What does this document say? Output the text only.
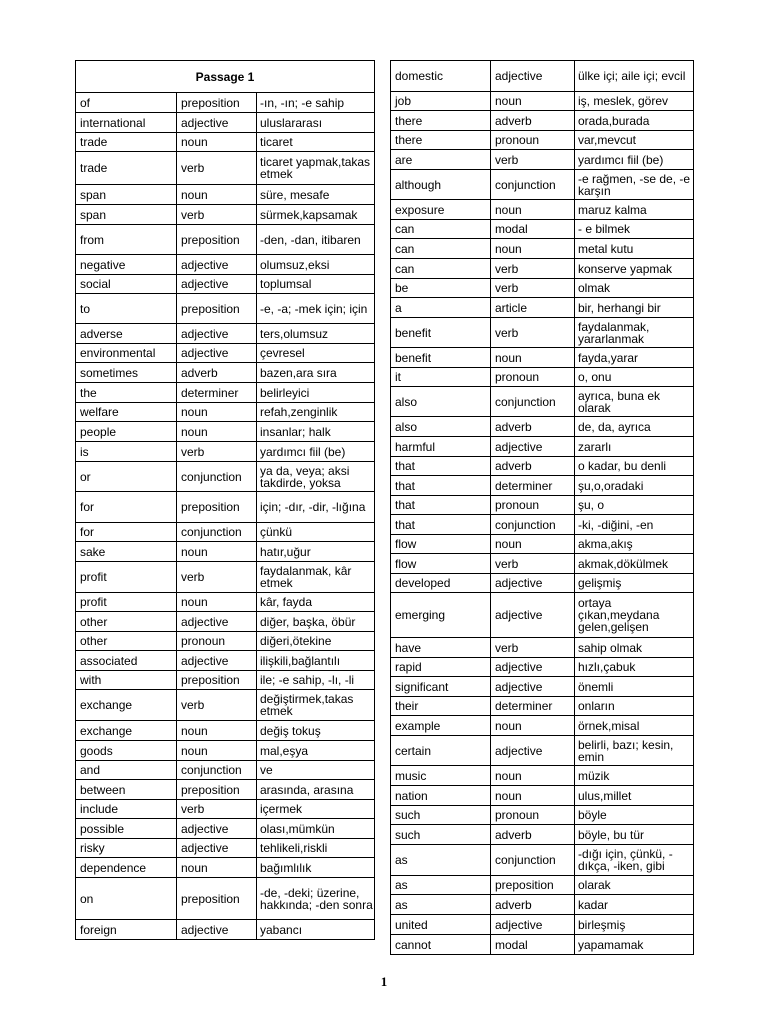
Passage 1		
of	preposition	-ın, -ın; -e sahip
international	adjective	uluslararası
trade	noun	ticaret
trade	verb	ticaret yapmak,takas etmek
span	noun	süre, mesafe
span	verb	sürmek,kapsamak
from	preposition	-den, -dan, itibaren
negative	adjective	olumsuz,eksi
social	adjective	toplumsal
to	preposition	-e, -a; -mek için; için
adverse	adjective	ters,olumsuz
environmental	adjective	çevresel
sometimes	adverb	bazen,ara sıra
the	determiner	belirleyici
welfare	noun	refah,zenginlik
people	noun	insanlar; halk
is	verb	yardımcı fiil (be)
or	conjunction	ya da, veya; aksi takdirde, yoksa
for	preposition	için; -dır, -dir, -lığına
for	conjunction	çünkü
sake	noun	hatır,uğur
profit	verb	faydalanmak, kâr etmek
profit	noun	kâr, fayda
other	adjective	diğer, başka, öbür
other	pronoun	diğeri,ötekine
associated	adjective	ilişkili,bağlantılı
with	preposition	ile; -e sahip, -lı, -li
exchange	verb	değiştirmek,takas etmek
exchange	noun	değiş tokuş
goods	noun	mal,eşya
and	conjunction	ve
between	preposition	arasında, arasına
include	verb	içermek
possible	adjective	olası,mümkün
risky	adjective	tehlikeli,riskli
dependence	noun	bağımlılık
on	preposition	-de, -deki; üzerine, hakkında; -den sonra
foreign	adjective	yabancı
domestic	adjective	ülke içi; aile içi; evcil
job	noun	iş, meslek, görev
there	adverb	orada,burada
there	pronoun	var,mevcut
are	verb	yardımcı fiil (be)
although	conjunction	-e rağmen, -se de, -e karşın
exposure	noun	maruz kalma
can	modal	- e bilmek
can	noun	metal kutu
can	verb	konserve yapmak
be	verb	olmak
a	article	bir, herhangi bir
benefit	verb	faydalanmak, yararlanmak
benefit	noun	fayda,yarar
it	pronoun	o, onu
also	conjunction	ayrıca, buna ek olarak
also	adverb	de, da, ayrıca
harmful	adjective	zararlı
that	adverb	o kadar, bu denli
that	determiner	şu,o,oradaki
that	pronoun	şu, o
that	conjunction	-ki, -diğini, -en
flow	noun	akma,akış
flow	verb	akmak,dökülmek
developed	adjective	gelişmiş
emerging	adjective	ortaya çıkan,meydana gelen,gelişen
have	verb	sahip olmak
rapid	adjective	hızlı,çabuk
significant	adjective	önemli
their	determiner	onların
example	noun	örnek,misal
certain	adjective	belirli, bazı; kesin, emin
music	noun	müzik
nation	noun	ulus,millet
such	pronoun	böyle
such	adverb	böyle, bu tür
as	conjunction	-dığı için, çünkü, -dıkça, -iken, gibi
as	preposition	olarak
as	adverb	kadar
united	adjective	birleşmiş
cannot	modal	yapamamak
1
